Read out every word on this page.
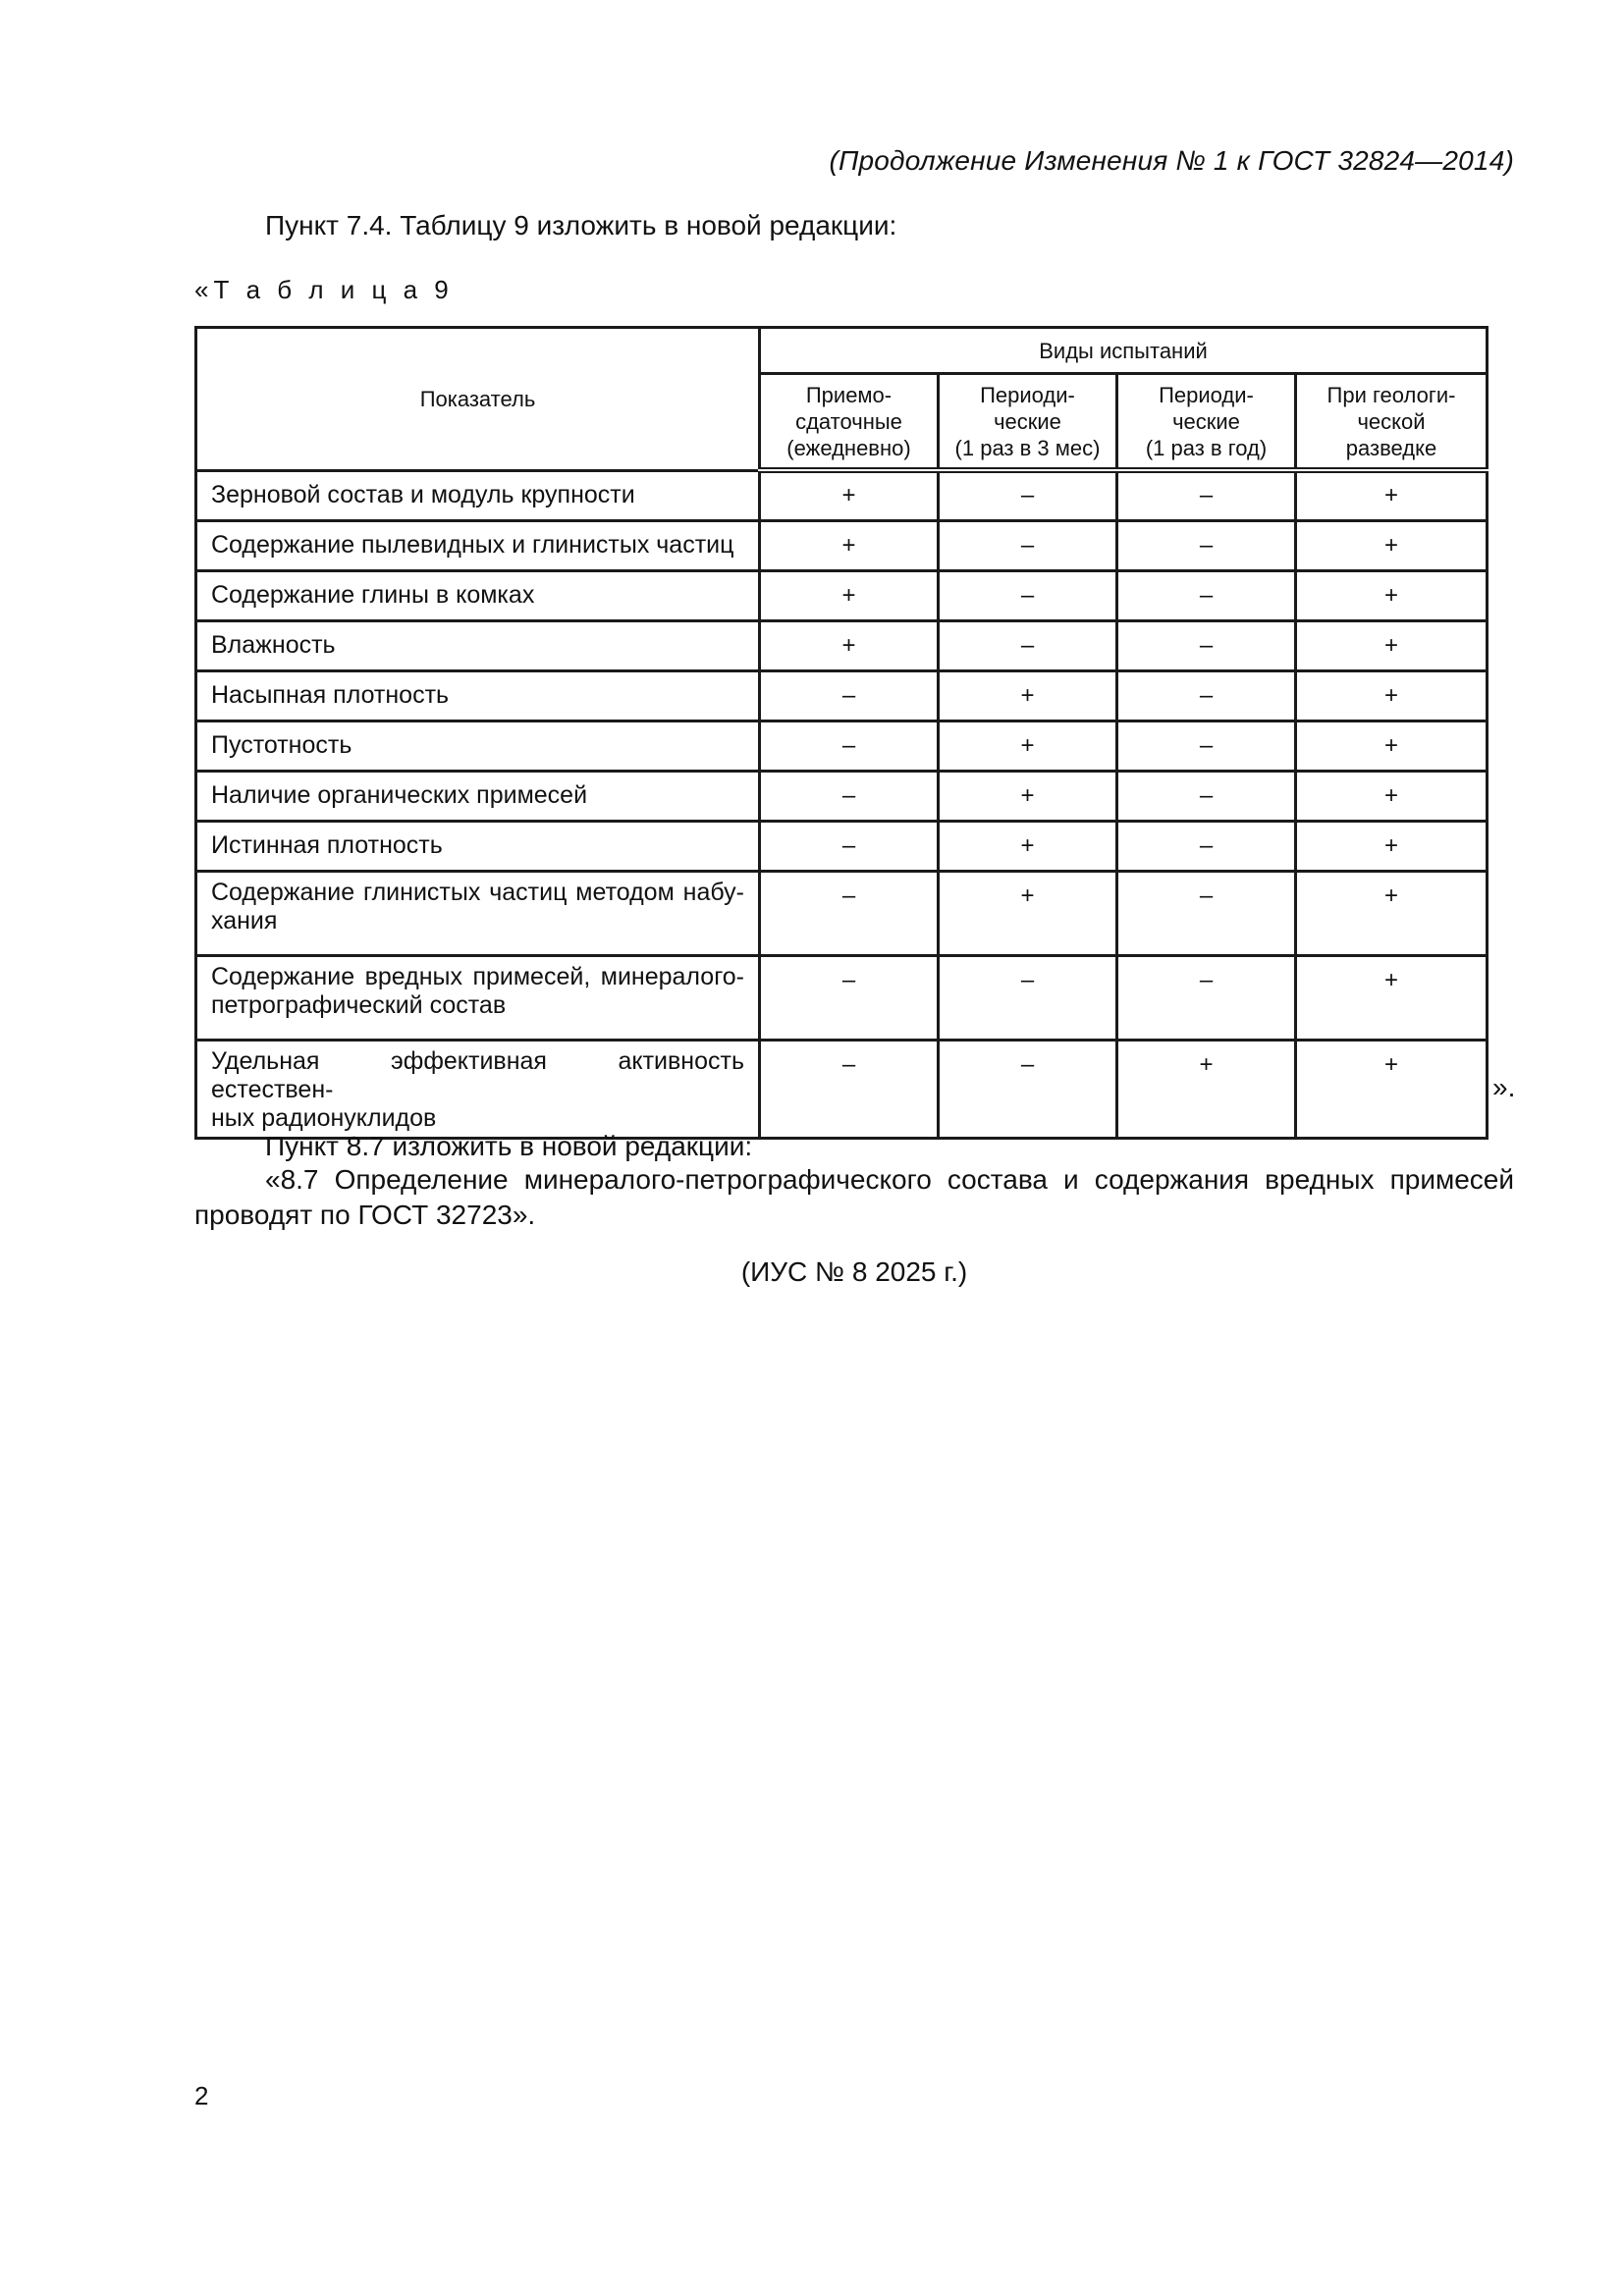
(Продолжение Изменения № 1 к ГОСТ 32824—2014)
Пункт 7.4. Таблицу 9 изложить в новой редакции:
«Т а б л и ц а 9
Показатель	Виды испытаний			
	Приемо-
сдаточные
(ежедневно)	Периоди-
ческие
(1 раз в 3 мес)	Периоди-
ческие
(1 раз в год)	При геологи-
ческой
разведке
Зерновой состав и модуль крупности	+	–	–	+
Содержание пылевидных и глинистых частиц	+	–	–	+
Содержание глины в комках	+	–	–	+
Влажность	+	–	–	+
Насыпная плотность	–	+	–	+
Пустотность	–	+	–	+
Наличие органических примесей	–	+	–	+
Истинная плотность	–	+	–	+

Содержание глинистых частиц методом набу-
хания	–	+	–	+

Содержание вредных примесей, минералого-
петрографический состав	–	–	–	+

Удельная эффективная активность естествен-
ных радионуклидов	–	–	+	+
».
Пункт 8.7 изложить в новой редакции:
«8.7 Определение минералого-петрографического состава и содержания вредных примесей проводят по ГОСТ 32723».
(ИУС № 8 2025 г.)
2
